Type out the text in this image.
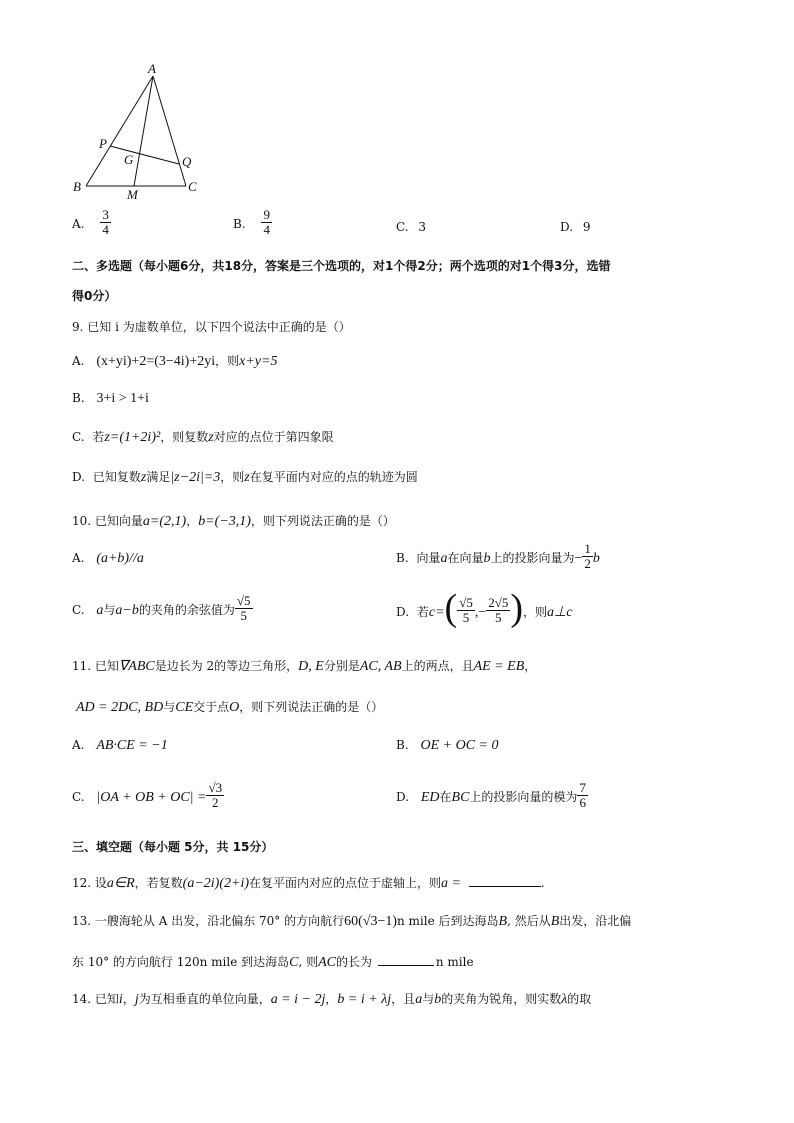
A
B	C
P
Q
G
M
A. $\frac{3}{4}$	B. $\frac{9}{4}$	C. 3	D. 9
二、多选题（每小题6分，共18分，答案是三个选项的，对1个得2分；两个选项的对1个得3分，选错
得0分）
9. 已知 i 为虚数单位，以下四个说法中正确的是（）
A. (x+yi)+2=(3−4i)+2yi，则x+y=5
B. 3+i > 1+i
C. 若z=(1+2i)²，则复数z对应的点位于第四象限
D. 已知复数z满足|z−2i|=3，则z在复平面内对应的点的轨迹为圆
10. 已知向量a=(2,1)，b=(−3,1)，则下列说法正确的是（）
A. (a+b)//a	B. 向量a在向量b上的投影向量为− $\frac{1}{2}$ b
C. a与a−b的夹角的余弦值为 $\frac{√5}{5}$	D. 若$c=( \frac{√5}{5}$ ,− $\frac{2√5}{5}$ )，则a⊥c
11. 已知∇ABC是边长为 2的等边三角形，D, E分别是AC, AB上的两点，且AE = EB，
AD = 2DC, BD与CE交于点O，则下列说法正确的是（）
A. AB·CE = −1	B. OE + OC = 0
C. |OA + OB + $OC| = \frac{√3}{2}$	D. ED在BC上的投影向量的模为 $\frac{7}{6}$
三、填空题（每小题 5分，共 15分）
12. 设a∈R，若复数(a−2i)(2+i)在复平面内对应的点位于虚轴上，则a =	.
13. 一艘海轮从 A 出发，沿北偏东 70° 的方向航行60(√3−1)n mile 后到达海岛B, 然后从B出发，沿北偏
东 10° 的方向航行 120n mile 到达海岛C, 则AC的长为	n mile
14. 已知i，j为互相垂直的单位向量，a = i − 2j，b = i + λj，且a与b的夹角为锐角，则实数λ的取
